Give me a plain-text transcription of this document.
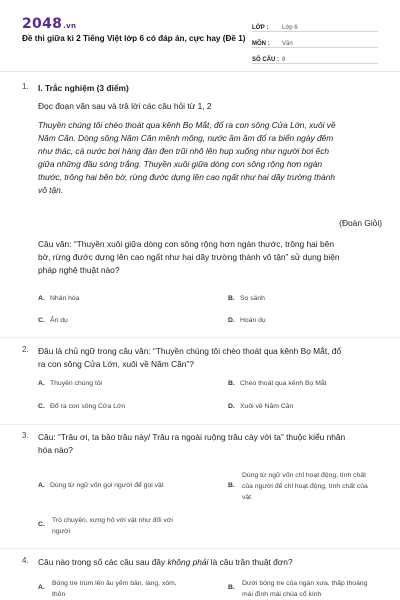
2048.vn
Đề thi giữa kì 2 Tiếng Việt lớp 6 có đáp án, cực hay (Đề 1)
LỚP :	Lớp 6
MÔN :	Văn
SỐ CÂU : 8
1. I. Trắc nghiệm (3 điểm)

Đọc đoạn văn sau và trả lời các câu hỏi từ 1, 2

Thuyền chúng tôi chèo thoát qua kênh Bọ Mắt, đổ ra con sông Cửa Lớn, xuôi về

Năm Căn. Dòng sông Năm Căn mênh mông, nước ầm ầm đổ ra biển ngày đêm

như thác, cá nước bơi hàng đàn đen trũi nhô lên hụp xuống như người bơi ếch

giữa những đầu sóng trắng. Thuyền xuôi giữa dòng con sông rộng hơn ngàn

thước, trông hai bên bờ, rừng đước dựng lên cao ngất như hai dãy trường thành

vô tận.

(Đoàn Giỏi)

Câu văn: “Thuyền xuôi giữa dòng con sông rộng hơn ngàn thước, trông hai bên

bờ, rừng đước dựng lên cao ngất như hai dãy trường thành vô tận” sử dụng biện

pháp nghệ thuật nào?

A. Nhân hóa	B. So sánh
C. Ẩn dụ	D. Hoán dụ
2. Đâu là chủ ngữ trong câu văn: “Thuyền chúng tôi chèo thoát qua kênh Bọ Mắt, đổ

ra con sông Cửa Lớn, xuôi về Năm Căn”?

A. Thuyền chúng tôi	B. Chèo thoát qua kênh Bọ Mắt
C. Đổ ra con sông Cửa Lớn	D. Xuôi về Năm Căn
3. Câu: “Trâu ơi, ta bảo trâu này/ Trâu ra ngoài ruộng trâu cày với ta” thuộc kiểu nhân

hóa nào?

A. Dùng từ ngữ vốn gọi người để gọi vật	B.
Dùng từ ngữ vốn chỉ hoạt động, tính chất
của người để chỉ hoạt động, tính chất của
vật
C.
Trò chuyện, xưng hô với vật như đối với
người
4. Câu nào trong số các câu sau đây không phải là câu trần thuật đơn?

A.
Bóng tre trùm lên âu yếm bản, làng, xóm,
thôn
B.
Dưới bóng tre của ngàn xưa, thấp thoáng
mái đình mái chùa cổ kính
